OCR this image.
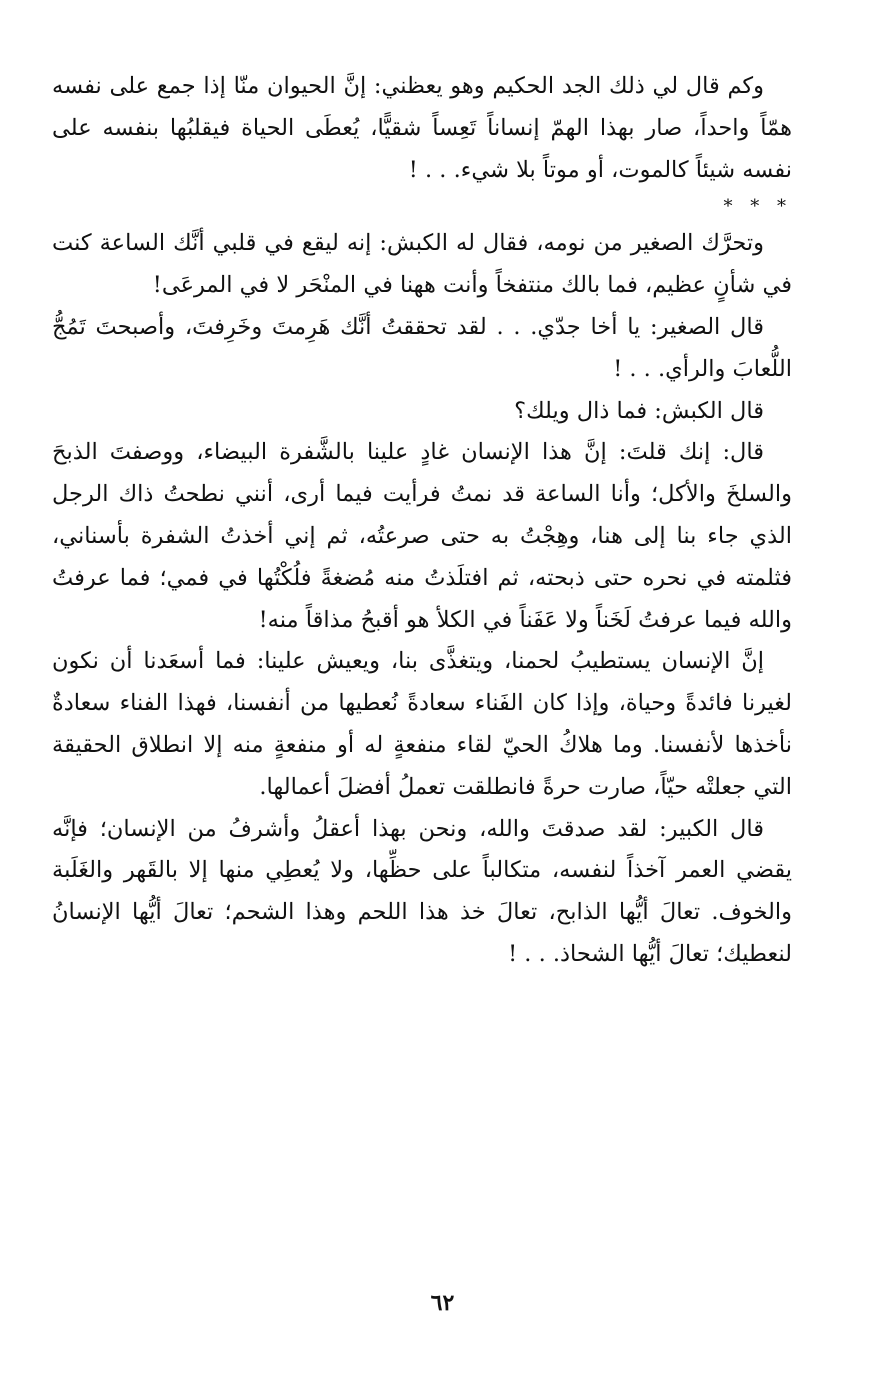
وكم قال لي ذلك الجد الحكيم وهو يعظني: إنَّ الحيوان منّا إذا جمع على نفسه همّاً واحداً، صار بهذا الهمّ إنساناً تَعِساً شقيًّا، يُعطَى الحياة فيقلبُها بنفسه على نفسه شيئاً كالموت، أو موتاً بلا شيء. . . !

* * *

وتحرَّك الصغير من نومه، فقال له الكبش: إنه ليقع في قلبي أنَّك الساعة كنت في شأنٍ عظيم، فما بالك منتفخاً وأنت ههنا في المنْحَر لا في المرعَى!

قال الصغير: يا أخا جدّي. . . لقد تحققتُ أنَّك هَرِمتَ وخَرِفتَ، وأصبحتَ تَمُجُّ اللُّعابَ والرأي. . . !

قال الكبش: فما ذال ويلك؟

قال: إنك قلتَ: إنَّ هذا الإنسان غادٍ علينا بالشَّفرة البيضاء، ووصفتَ الذبحَ والسلخَ والأكل؛ وأنا الساعة قد نمتُ فرأيت فيما أرى، أنني نطحتُ ذاك الرجل الذي جاء بنا إلى هنا، وهِجْتُ به حتى صرعتُه، ثم إني أخذتُ الشفرة بأسناني، فثلمته في نحره حتى ذبحته، ثم افتلَذتُ منه مُضغةً فلُكْتُها في فمي؛ فما عرفتُ والله فيما عرفتُ لَخَناً ولا عَفَناً في الكلأ هو أقبحُ مذاقاً منه!

إنَّ الإنسان يستطيبُ لحمنا، ويتغذَّى بنا، ويعيش علينا: فما أسعَدنا أن نكون لغيرنا فائدةً وحياة، وإذا كان الفَناء سعادةً نُعطيها من أنفسنا، فهذا الفناء سعادةٌ نأخذها لأنفسنا. وما هلاكُ الحيّ لقاء منفعةٍ له أو منفعةٍ منه إلا انطلاق الحقيقة التي جعلتْه حيّاً، صارت حرةً فانطلقت تعملُ أفضلَ أعمالها.

قال الكبير: لقد صدقتَ والله، ونحن بهذا أعقلُ وأشرفُ من الإنسان؛ فإنَّه يقضي العمر آخذاً لنفسه، متكالباً على حظِّها، ولا يُعطِي منها إلا بالقَهر والغَلَبة والخوف. تعالَ أيُّها الذابح، تعالَ خذ هذا اللحم وهذا الشحم؛ تعالَ أيُّها الإنسانُ لنعطيك؛ تعالَ أيُّها الشحاذ. . . !

٦٢
